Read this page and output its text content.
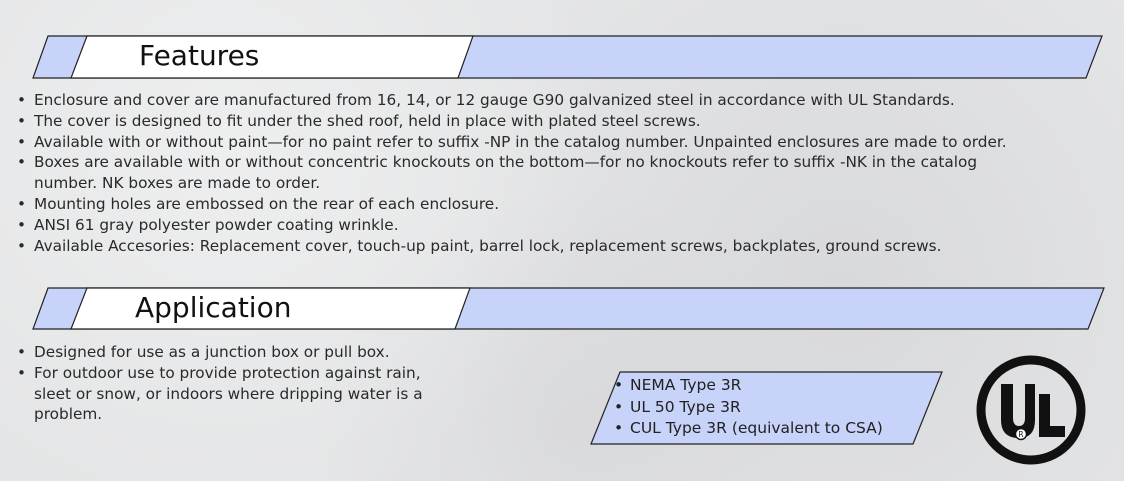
Features
• Enclosure and cover are manufactured from 16, 14, or 12 gauge G90 galvanized steel in accordance with UL Standards.
• The cover is designed to fit under the shed roof, held in place with plated steel screws.
• Available with or without paint—for no paint refer to suffix -NP in the catalog number. Unpainted enclosures are made to order.
• Boxes are available with or without concentric knockouts on the bottom—for no knockouts refer to suffix -NK in the catalog number. NK boxes are made to order.
• Mounting holes are embossed on the rear of each enclosure.
• ANSI 61 gray polyester powder coating wrinkle.
• Available Accesories: Replacement cover, touch-up paint, barrel lock, replacement screws, backplates, ground screws.
Application
• Designed for use as a junction box or pull box.
• For outdoor use to provide protection against rain, sleet or snow, or indoors where dripping water is a problem.
• NEMA Type 3R
• UL 50 Type 3R
• CUL Type 3R (equivalent to CSA)	R
